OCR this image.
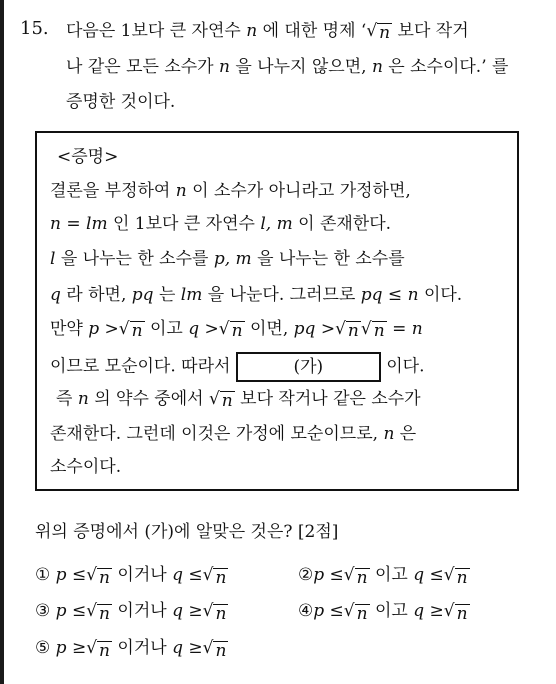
15. 다음은 1보다 큰 자연수 n 에 대한 명제 ‘ √ n 보다 작거
나 같은 모든 소수가 n 을 나누지 않으면, n 은 소수이다.’ 를
증명한 것이다.
<증명>
결론을 부정하여 n 이 소수가 아니라고 가정하면,
n = lm 인 1보다 큰 자연수 l, m 이 존재한다.
l 을 나누는 한 소수를 p, m 을 나누는 한 소수를
q 라 하면, pq 는 lm 을 나눈다. 그러므로 pq ≤ n 이다.
만약 p > √ n 이고 q > √ n 이면, pq > √ n √ n = n
이므로 모순이다. 따라서	(가)	이다.
즉 n 의 약수 중에서 √ n 보다 작거나 같은 소수가
존재한다. 그런데 이것은 가정에 모순이므로, n 은
소수이다.
위의 증명에서 (가)에 알맞은 것은? [2점]
① p ≤ √ n 이거나 q ≤ √ n	②p ≤ √ n 이고 q ≤ √ n
③ p ≤ √ n 이거나 q ≥ √ n	④p ≤ √ n 이고 q ≥ √ n
⑤ p ≥ √ n 이거나 q ≥ √ n
